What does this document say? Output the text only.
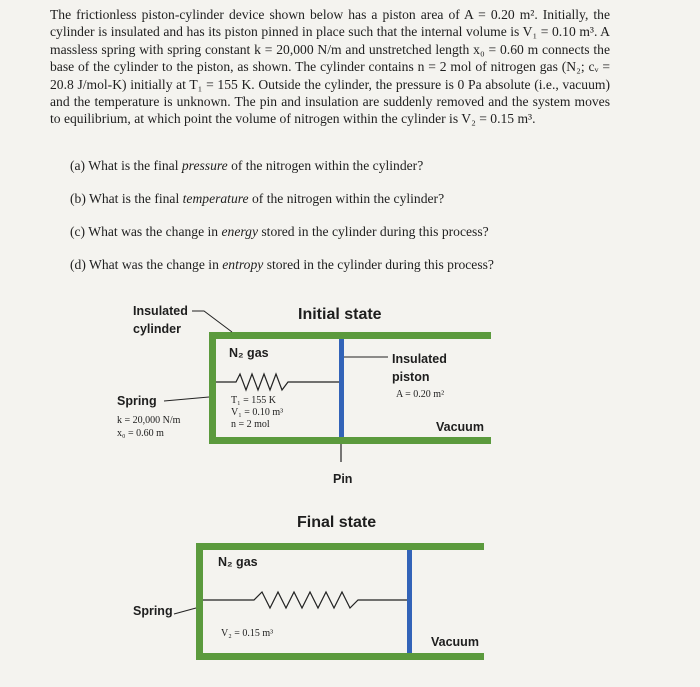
The frictionless piston-cylinder device shown below has a piston area of A = 0.20 m². Initially, the cylinder is insulated and has its piston pinned in place such that the internal volume is V₁ = 0.10 m³. A massless spring with spring constant k = 20,000 N/m and unstretched length x₀ = 0.60 m connects the base of the cylinder to the piston, as shown. The cylinder contains n = 2 mol of nitrogen gas (N₂; cᵥ = 20.8 J/mol-K) initially at T₁ = 155 K. Outside the cylinder, the pressure is 0 Pa absolute (i.e., vacuum) and the temperature is unknown. The pin and insulation are suddenly removed and the system moves to equilibrium, at which point the volume of nitrogen within the cylinder is V₂ = 0.15 m³.
(a) What is the final pressure of the nitrogen within the cylinder?
(b) What is the final temperature of the nitrogen within the cylinder?
(c) What was the change in energy stored in the cylinder during this process?
(d) What was the change in entropy stored in the cylinder during this process?
Initial state
Insulated
cylinder
N₂ gas
T₁ = 155 K
V₁ = 0.10 m³
n = 2 mol
Spring
k = 20,000 N/m
x₀ = 0.60 m
Insulated
piston
A = 0.20 m²
Vacuum
Pin
Final state
N₂ gas
Spring
V₂ = 0.15 m³
Vacuum
